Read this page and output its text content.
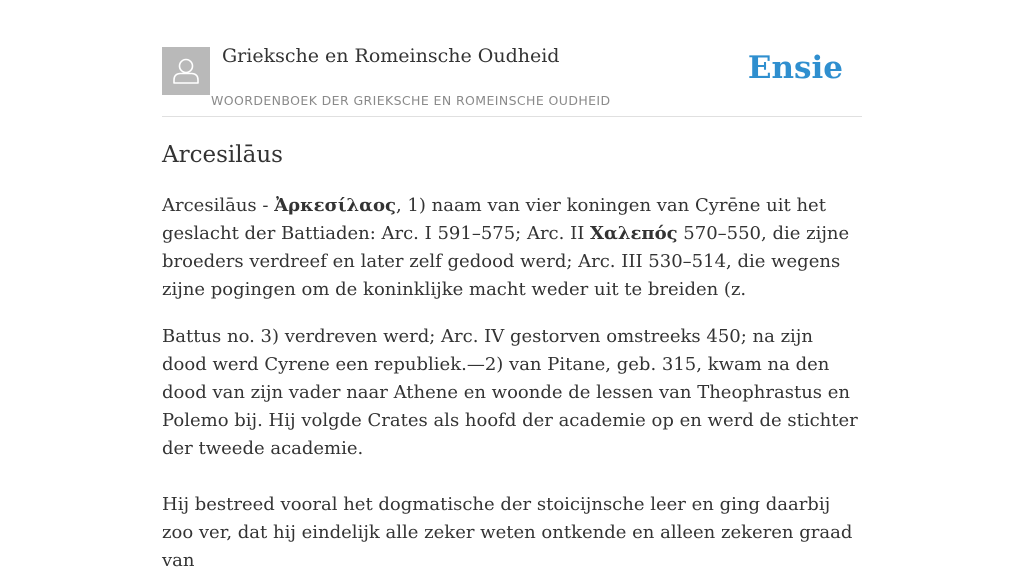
Grieksche en Romeinsche Oudheid
WOORDENBOEK DER GRIEKSCHE EN ROMEINSCHE OUDHEID
Ensie
Arcesilāus

Arcesilāus - Ἀρκεσίλαος, 1) naam van vier koningen van Cyrēne uit het geslacht der Battiaden: Arc. I 591–575; Arc. II Χαλεπός 570–550, die zijne broeders verdreef en later zelf gedood werd; Arc. III 530–514, die wegens zijne pogingen om de koninklijke macht weder uit te breiden (z.

Battus no. 3) verdreven werd; Arc. IV gestorven omstreeks 450; na zijn dood werd Cyrene een republiek.—2) van Pitane, geb. 315, kwam na den dood van zijn vader naar Athene en woonde de lessen van Theophrastus en Polemo bij. Hij volgde Crates als hoofd der academie op en werd de stichter der tweede academie.

Hij bestreed vooral het dogmatische der stoicijnsche leer en ging daarbij zoo ver, dat hij eindelijk alle zeker weten ontkende en alleen zekeren graad van
